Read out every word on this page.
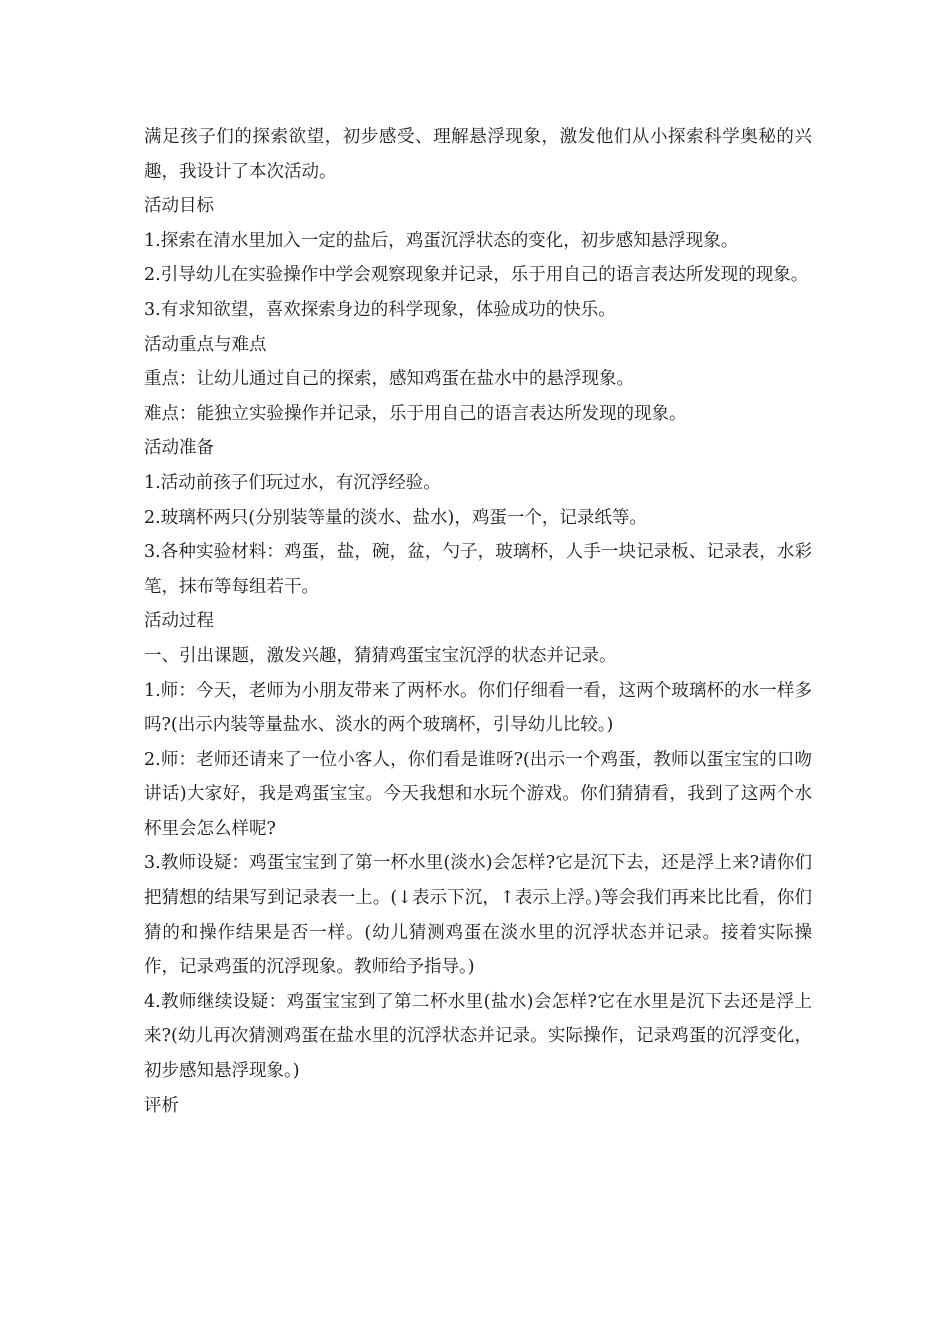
满足孩子们的探索欲望，初步感受、理解悬浮现象，激发他们从小探索科学奥秘的兴趣，我设计了本次活动。

活动目标

1.探索在清水里加入一定的盐后，鸡蛋沉浮状态的变化，初步感知悬浮现象。

2.引导幼儿在实验操作中学会观察现象并记录，乐于用自己的语言表达所发现的现象。

3.有求知欲望，喜欢探索身边的科学现象，体验成功的快乐。

活动重点与难点

重点：让幼儿通过自己的探索，感知鸡蛋在盐水中的悬浮现象。

难点：能独立实验操作并记录，乐于用自己的语言表达所发现的现象。

活动准备

1.活动前孩子们玩过水，有沉浮经验。

2.玻璃杯两只(分别装等量的淡水、盐水)，鸡蛋一个，记录纸等。

3.各种实验材料：鸡蛋，盐，碗，盆，勺子，玻璃杯，人手一块记录板、记录表，水彩笔，抹布等每组若干。

活动过程

一、引出课题，激发兴趣，猜猜鸡蛋宝宝沉浮的状态并记录。

1.师：今天，老师为小朋友带来了两杯水。你们仔细看一看，这两个玻璃杯的水一样多吗?(出示内装等量盐水、淡水的两个玻璃杯，引导幼儿比较。)

2.师：老师还请来了一位小客人，你们看是谁呀?(出示一个鸡蛋，教师以蛋宝宝的口吻讲话)大家好，我是鸡蛋宝宝。今天我想和水玩个游戏。你们猜猜看，我到了这两个水杯里会怎么样呢?

3.教师设疑：鸡蛋宝宝到了第一杯水里(淡水)会怎样?它是沉下去，还是浮上来?请你们把猜想的结果写到记录表一上。(↓表示下沉，↑表示上浮。)等会我们再来比比看，你们猜的和操作结果是否一样。(幼儿猜测鸡蛋在淡水里的沉浮状态并记录。接着实际操作，记录鸡蛋的沉浮现象。教师给予指导。)

4.教师继续设疑：鸡蛋宝宝到了第二杯水里(盐水)会怎样?它在水里是沉下去还是浮上来?(幼儿再次猜测鸡蛋在盐水里的沉浮状态并记录。实际操作，记录鸡蛋的沉浮变化，初步感知悬浮现象。)

评析
